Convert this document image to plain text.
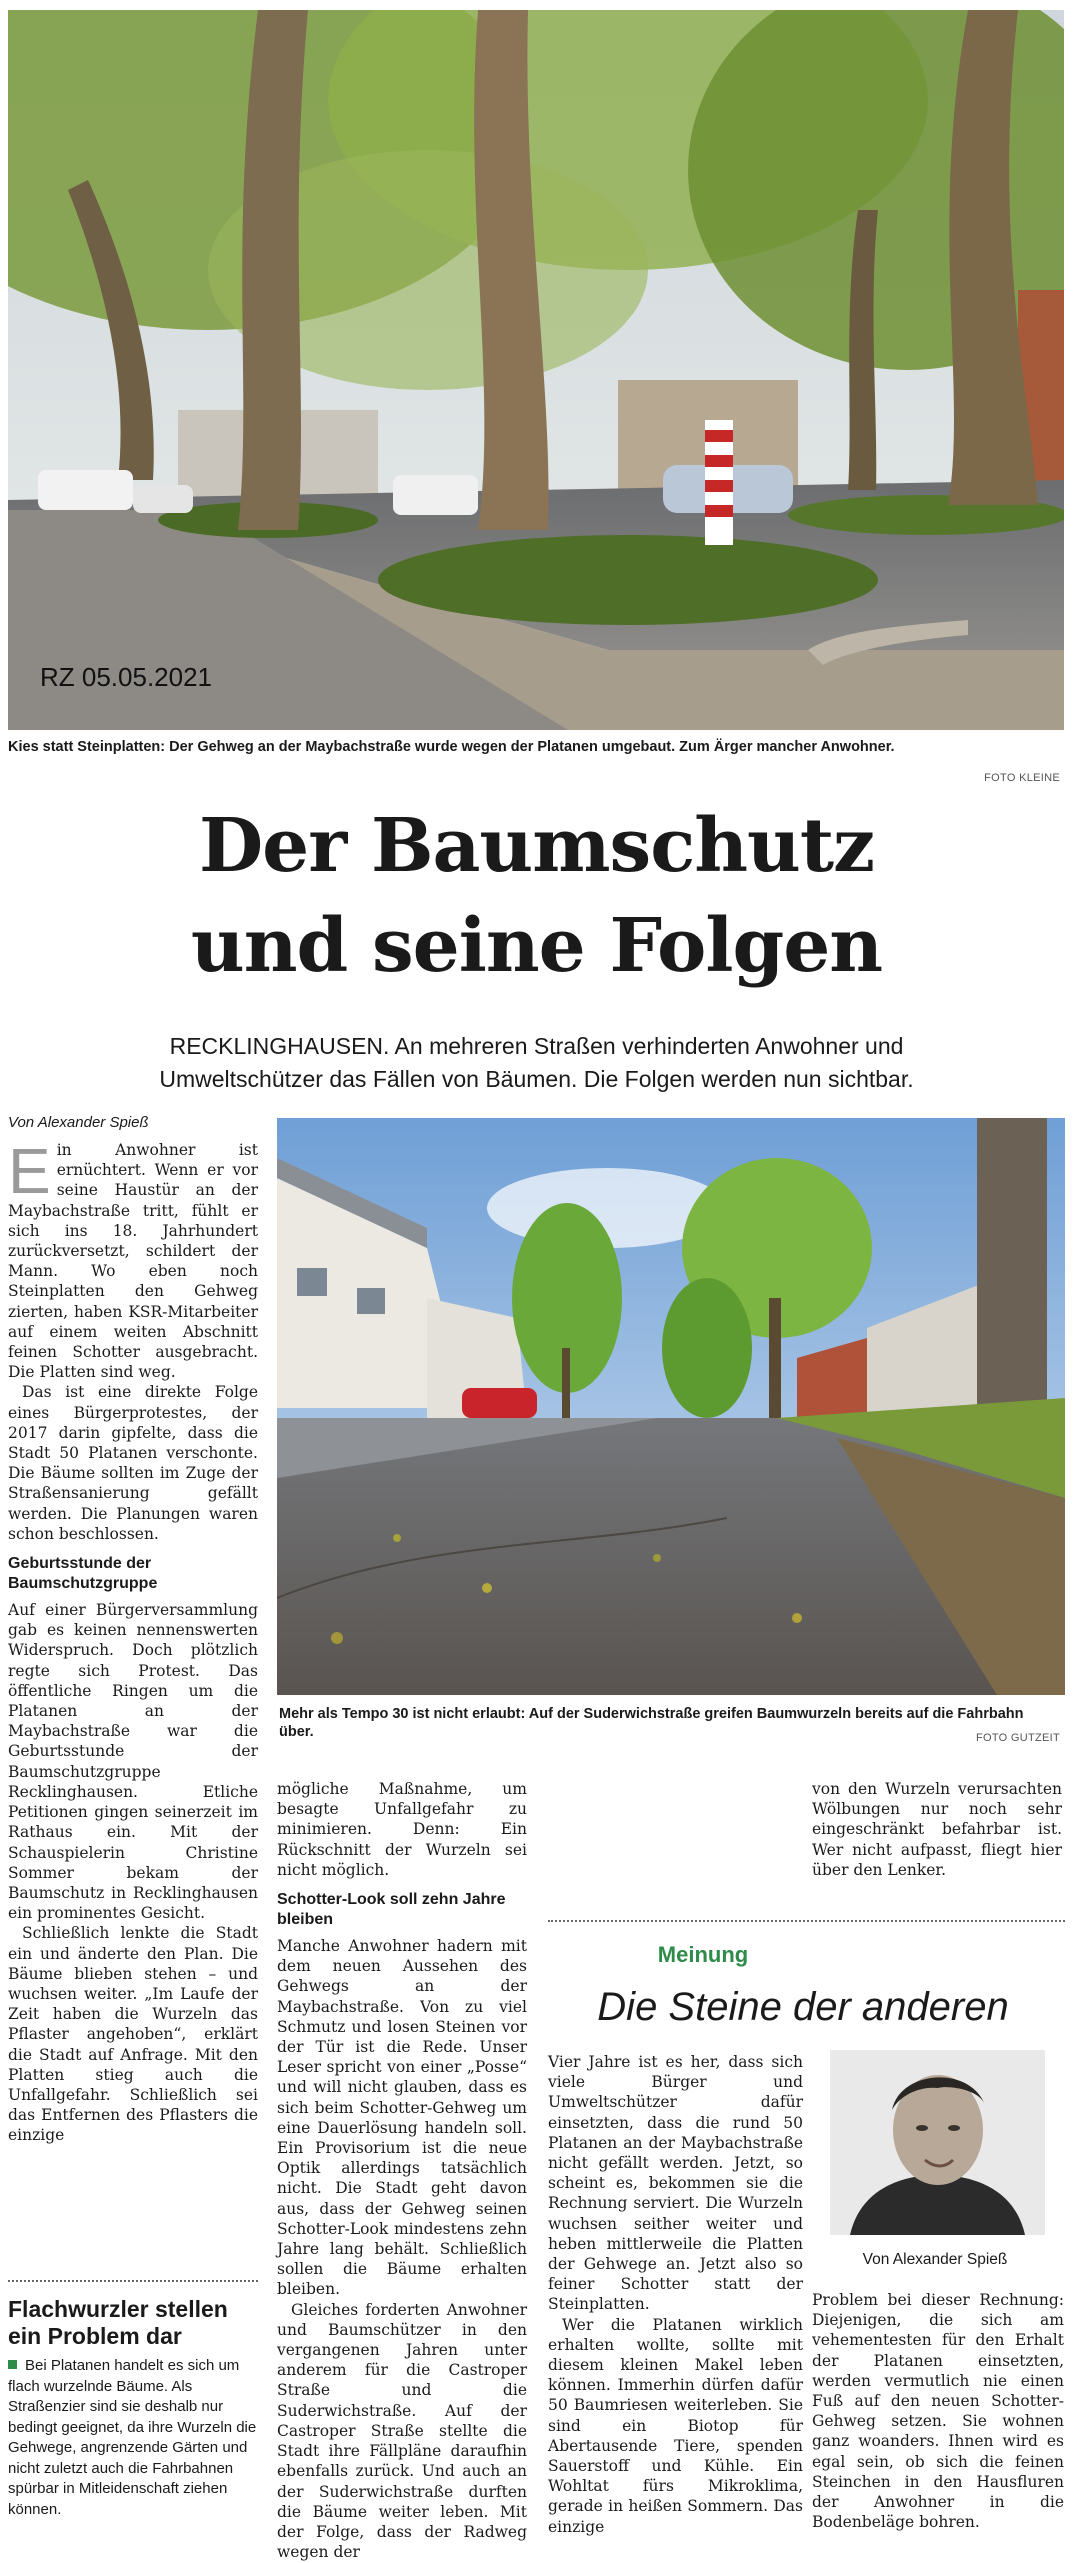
RZ 05.05.2021
Kies statt Steinplatten: Der Gehweg an der Maybachstraße wurde wegen der Platanen umgebaut. Zum Ärger mancher Anwohner.
FOTO KLEINE
Der Baumschutz
und seine Folgen
RECKLINGHAUSEN. An mehreren Straßen verhinderten Anwohner und
Umweltschützer das Fällen von Bäumen. Die Folgen werden nun sichtbar.
Von Alexander Spieß
E in Anwohner ist ernüchtert. Wenn er vor seine Haustür an der Maybachstraße tritt, fühlt er sich ins 18. Jahrhundert zurückversetzt, schildert der Mann. Wo eben noch Steinplatten den Gehweg zierten, haben KSR-Mitarbeiter auf einem weiten Abschnitt feinen Schotter ausgebracht. Die Platten sind weg.

Das ist eine direkte Folge eines Bürgerprotestes, der 2017 darin gipfelte, dass die Stadt 50 Platanen verschonte. Die Bäume sollten im Zuge der Straßensanierung gefällt werden. Die Planungen waren schon beschlossen.

Geburtsstunde der Baumschutzgruppe

Auf einer Bürgerversammlung gab es keinen nennenswerten Widerspruch. Doch plötzlich regte sich Protest. Das öffentliche Ringen um die Platanen an der Maybachstraße war die Geburtsstunde der Baumschutzgruppe Recklinghausen. Etliche Petitionen gingen seinerzeit im Rathaus ein. Mit der Schauspielerin Christine Sommer bekam der Baumschutz in Recklinghausen ein prominentes Gesicht.

Schließlich lenkte die Stadt ein und änderte den Plan. Die Bäume blieben stehen – und wuchsen weiter. „Im Laufe der Zeit haben die Wurzeln das Pflaster angehoben“, erklärt die Stadt auf Anfrage. Mit den Platten stieg auch die Unfallgefahr. Schließlich sei das Entfernen des Pflasters die einzige

Mehr als Tempo 30 ist nicht erlaubt: Auf der Suderwichstraße greifen Baumwurzeln bereits auf die Fahrbahn über.	FOTO GUTZEIT

mögliche Maßnahme, um besagte Unfallgefahr zu minimieren. Denn: Ein Rückschnitt der Wurzeln sei nicht möglich.

Schotter-Look soll zehn Jahre bleiben

Manche Anwohner hadern mit dem neuen Aussehen des Gehwegs an der Maybachstraße. Von zu viel Schmutz und losen Steinen vor der Tür ist die Rede. Unser Leser spricht von einer „Posse“ und will nicht glauben, dass es sich beim Schotter-Gehweg um eine Dauerlösung handeln soll. Ein Provisorium ist die neue Optik allerdings tatsächlich nicht. Die Stadt geht davon aus, dass der Gehweg seinen Schotter-Look mindestens zehn Jahre lang behält. Schließlich sollen die Bäume erhalten bleiben.

Gleiches forderten Anwohner und Baumschützer in den vergangenen Jahren unter anderem für die Castroper Straße und die Suderwichstraße. Auf der Castroper Straße stellte die Stadt ihre Fällpläne daraufhin ebenfalls zurück. Und auch an der Suderwichstraße durften die Bäume weiter leben. Mit der Folge, dass der Radweg wegen der

von den Wurzeln verursachten Wölbungen nur noch sehr eingeschränkt befahrbar ist. Wer nicht aufpasst, fliegt hier über den Lenker.

Meinung
Die Steine der anderen

Vier Jahre ist es her, dass sich viele Bürger und Umweltschützer dafür einsetzten, dass die rund 50 Platanen an der Maybachstraße nicht gefällt werden. Jetzt, so scheint es, bekommen sie die Rechnung serviert. Die Wurzeln wuchsen seither weiter und heben mittlerweile die Platten der Gehwege an. Jetzt also so feiner Schotter statt der Steinplatten.

Wer die Platanen wirklich erhalten wollte, sollte mit diesem kleinen Makel leben können. Immerhin dürfen dafür 50 Baumriesen weiterleben. Sie sind ein Biotop für Abertausende Tiere, spenden Sauerstoff und Kühle. Ein Wohltat fürs Mikroklima, gerade in heißen Sommern. Das einzige

Von Alexander Spieß

Problem bei dieser Rechnung: Diejenigen, die sich am vehementesten für den Erhalt der Platanen einsetzten, werden vermutlich nie einen Fuß auf den neuen Schotter-Gehweg setzen. Sie wohnen ganz woanders. Ihnen wird es egal sein, ob sich die feinen Steinchen in den Hausfluren der Anwohner in die Bodenbeläge bohren.

Flachwurzler stellen ein Problem dar
Bei Platanen handelt es sich um flach wurzelnde Bäume. Als Straßenzier sind sie deshalb nur bedingt geeignet, da ihre Wurzeln die Gehwege, angrenzende Gärten und nicht zuletzt auch die Fahrbahnen spürbar in Mitleidenschaft ziehen können.
